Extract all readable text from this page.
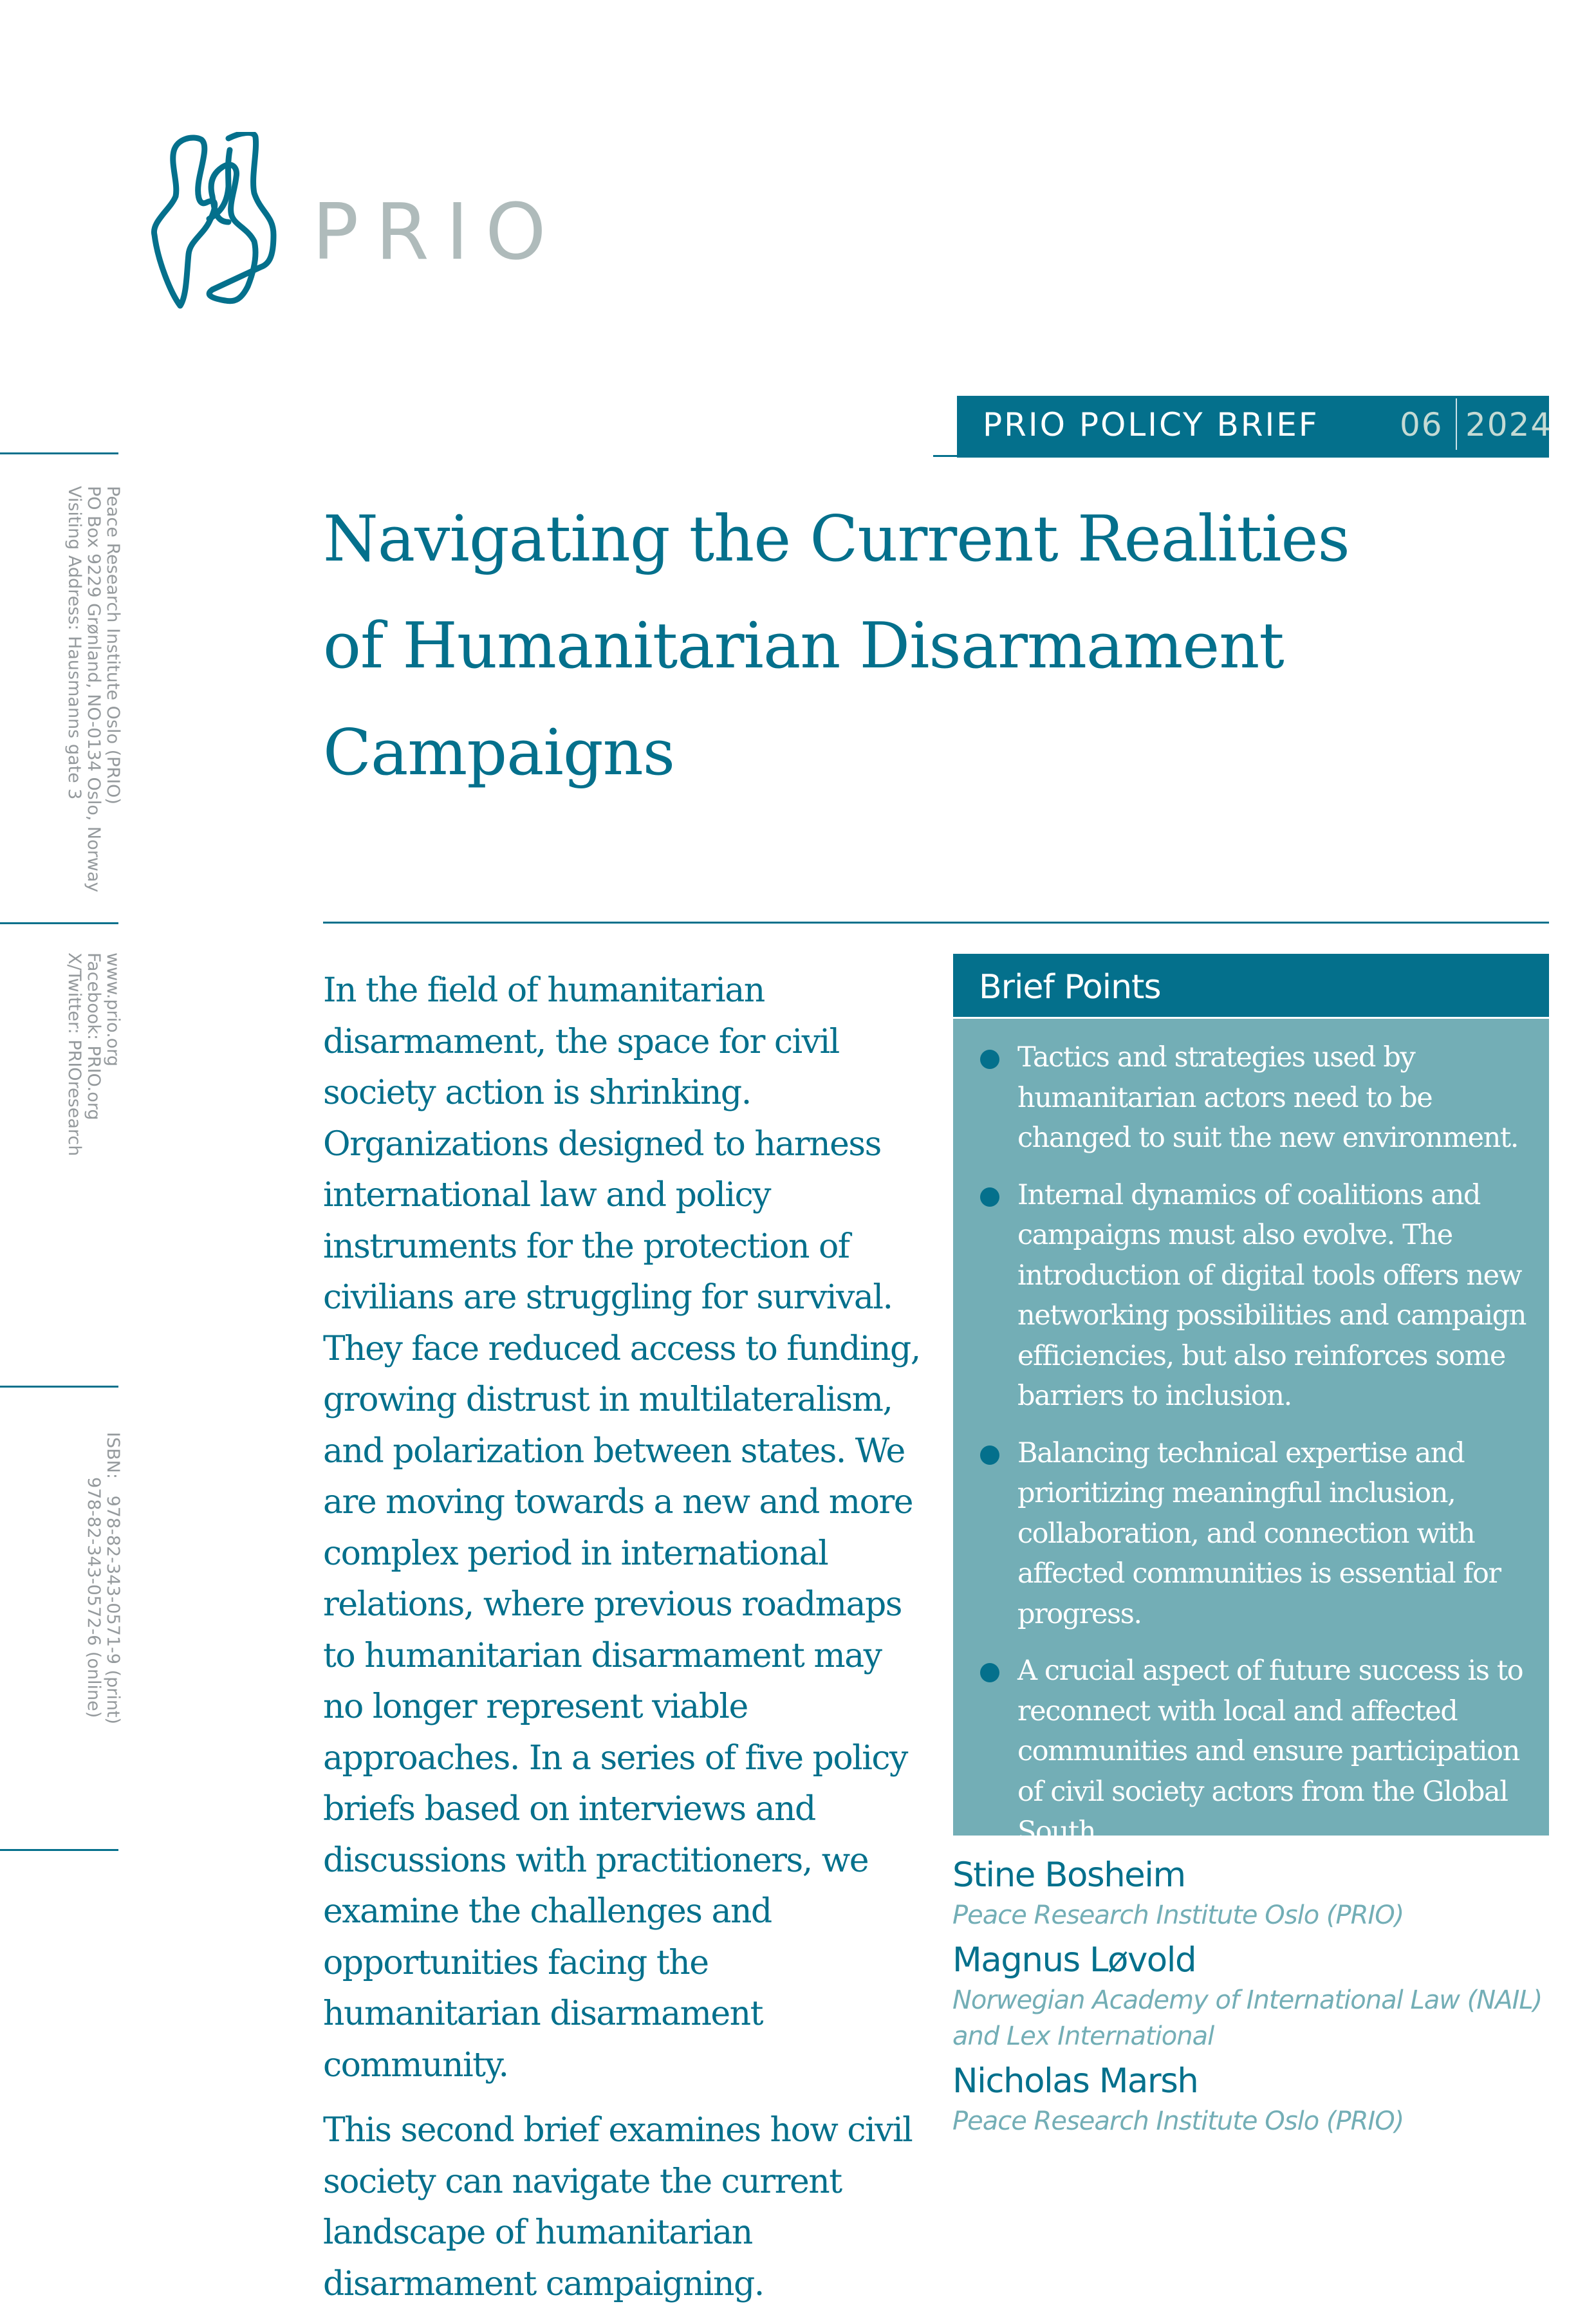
PRIO
PRIO POLICY BRIEF	06 2024
Navigating the Current Realities
of Humanitarian Disarmament
Campaigns
Peace Research Institute Oslo (PRIO)
PO Box 9229 Grønland, NO-0134 Oslo, Norway
Visiting Address: Hausmanns gate 3
www.prio.org
Facebook: PRIO.org
X/Twitter: PRIOresearch
ISBN:   978-82-343-0571-9 (print)
978-82-343-0572-6 (online)

In the field of humanitarian disarmament, the space for civil society action is shrinking. Organizations designed to harness international law and policy instruments for the protection of civilians are struggling for survival. They face reduced access to funding, growing distrust in multilateralism, and polarization between states. We are moving towards a new and more complex period in international relations, where previous roadmaps to humanitarian disarmament may no longer represent viable approaches. In a series of five policy briefs based on interviews and discussions with practitioners, we examine the challenges and opportunities facing the humanitarian disarmament community.

This second brief examines how civil society can navigate the current landscape of humanitarian disarmament campaigning.

Brief Points
Tactics and strategies used by humanitarian actors need to be changed to suit the new environment.
Internal dynamics of coalitions and campaigns must also evolve. The introduction of digital tools offers new networking possibilities and campaign efficiencies, but also reinforces some barriers to inclusion.
Balancing technical expertise and prioritizing meaningful inclusion, collaboration, and connection with affected communities is essential for progress.
A crucial aspect of future success is to reconnect with local and affected communities and ensure participation of civil society actors from the Global South.
Stine Bosheim
Peace Research Institute Oslo (PRIO)
Magnus Løvold
Norwegian Academy of International Law (NAIL) and Lex International
Nicholas Marsh
Peace Research Institute Oslo (PRIO)
